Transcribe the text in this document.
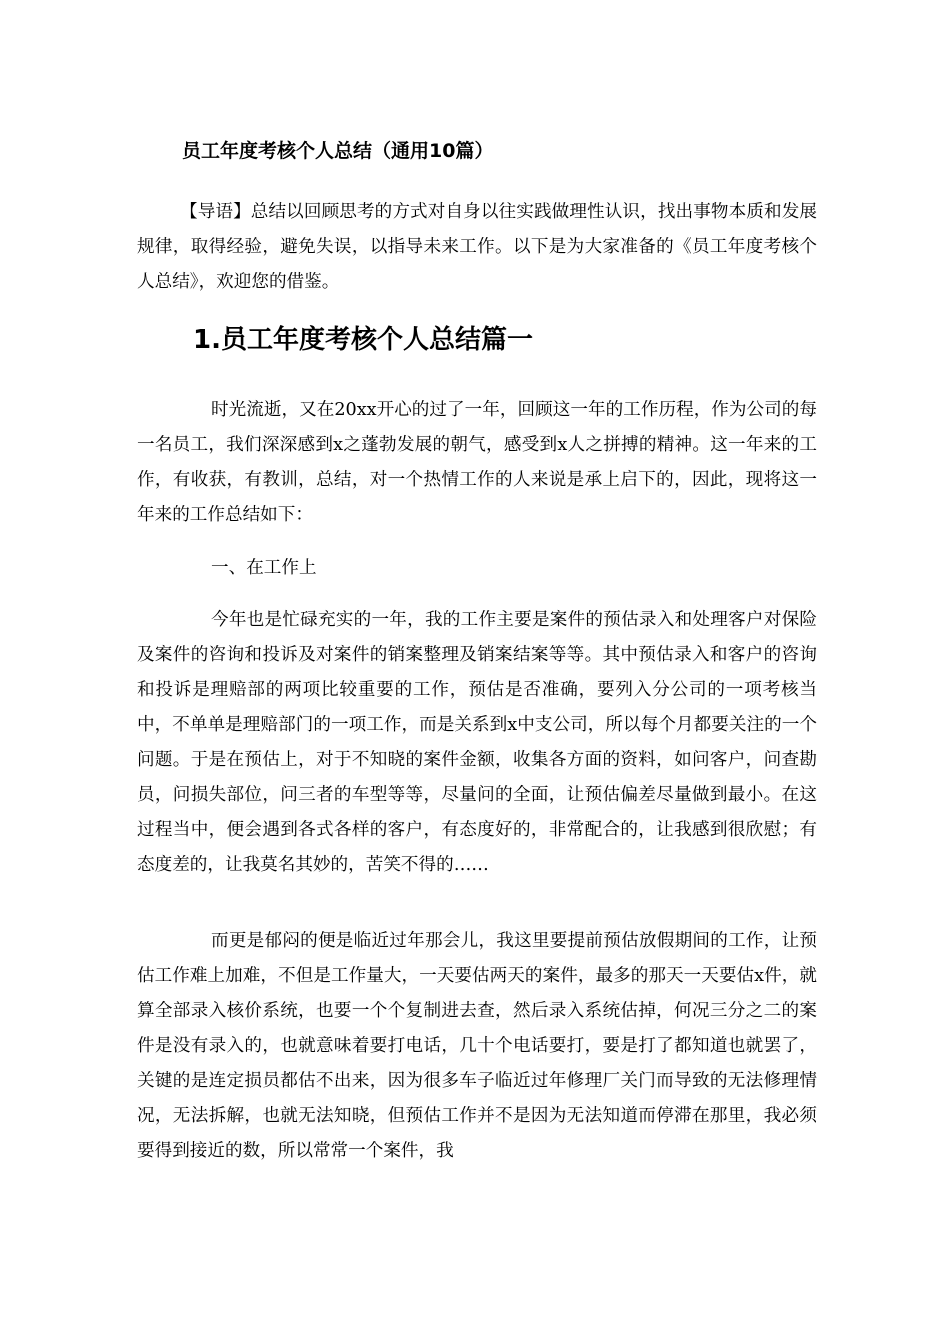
员工年度考核个人总结（通用10篇）

【导语】总结以回顾思考的方式对自身以往实践做理性认识，找出事物本质和发展规律，取得经验，避免失误，以指导未来工作。以下是为大家准备的《员工年度考核个人总结》，欢迎您的借鉴。

1.员工年度考核个人总结篇一

时光流逝，又在20xx开心的过了一年，回顾这一年的工作历程，作为公司的每一名员工，我们深深感到x之蓬勃发展的朝气，感受到x人之拼搏的精神。这一年来的工作，有收获，有教训，总结，对一个热情工作的人来说是承上启下的，因此，现将这一年来的工作总结如下：

一、在工作上

今年也是忙碌充实的一年，我的工作主要是案件的预估录入和处理客户对保险及案件的咨询和投诉及对案件的销案整理及销案结案等等。其中预估录入和客户的咨询和投诉是理赔部的两项比较重要的工作，预估是否准确，要列入分公司的一项考核当中，不单单是理赔部门的一项工作，而是关系到x中支公司，所以每个月都要关注的一个问题。于是在预估上，对于不知晓的案件金额，收集各方面的资料，如问客户，问查勘员，问损失部位，问三者的车型等等，尽量问的全面，让预估偏差尽量做到最小。在这过程当中，便会遇到各式各样的客户，有态度好的，非常配合的，让我感到很欣慰；有态度差的，让我莫名其妙的，苦笑不得的……

而更是郁闷的便是临近过年那会儿，我这里要提前预估放假期间的工作，让预估工作难上加难，不但是工作量大，一天要估两天的案件，最多的那天一天要估x件，就算全部录入核价系统，也要一个个复制进去查，然后录入系统估掉，何况三分之二的案件是没有录入的，也就意味着要打电话，几十个电话要打，要是打了都知道也就罢了，关键的是连定损员都估不出来，因为很多车子临近过年修理厂关门而导致的无法修理情况，无法拆解，也就无法知晓，但预估工作并不是因为无法知道而停滞在那里，我必须要得到接近的数，所以常常一个案件，我
